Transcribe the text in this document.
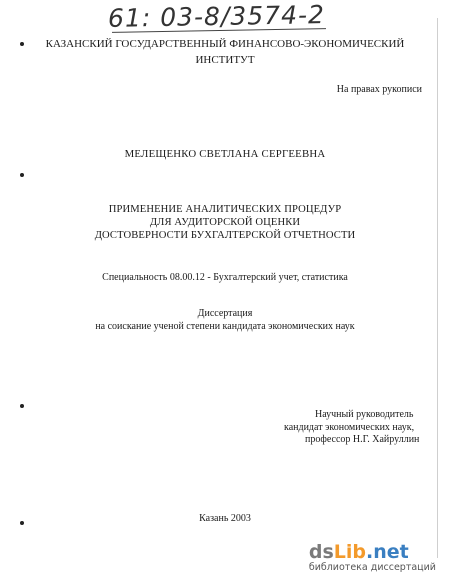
61: 03-8/3574-2
КАЗАНСКИЙ ГОСУДАРСТВЕННЫЙ ФИНАНСОВО-ЭКОНОМИЧЕСКИЙ
ИНСТИТУТ
На правах рукописи
МЕЛЕЩЕНКО СВЕТЛАНА СЕРГЕЕВНА
ПРИМЕНЕНИЕ АНАЛИТИЧЕСКИХ ПРОЦЕДУР
ДЛЯ АУДИТОРСКОЙ ОЦЕНКИ
ДОСТОВЕРНОСТИ БУХГАЛТЕРСКОЙ ОТЧЕТНОСТИ
Специальность 08.00.12 - Бухгалтерский учет, статистика
Диссертация
на соискание ученой степени кандидата экономических наук
Научный руководитель
кандидат экономических наук,
профессор Н.Г. Хайруллин
Казань 2003
dsLib.net
библиотека диссертаций
